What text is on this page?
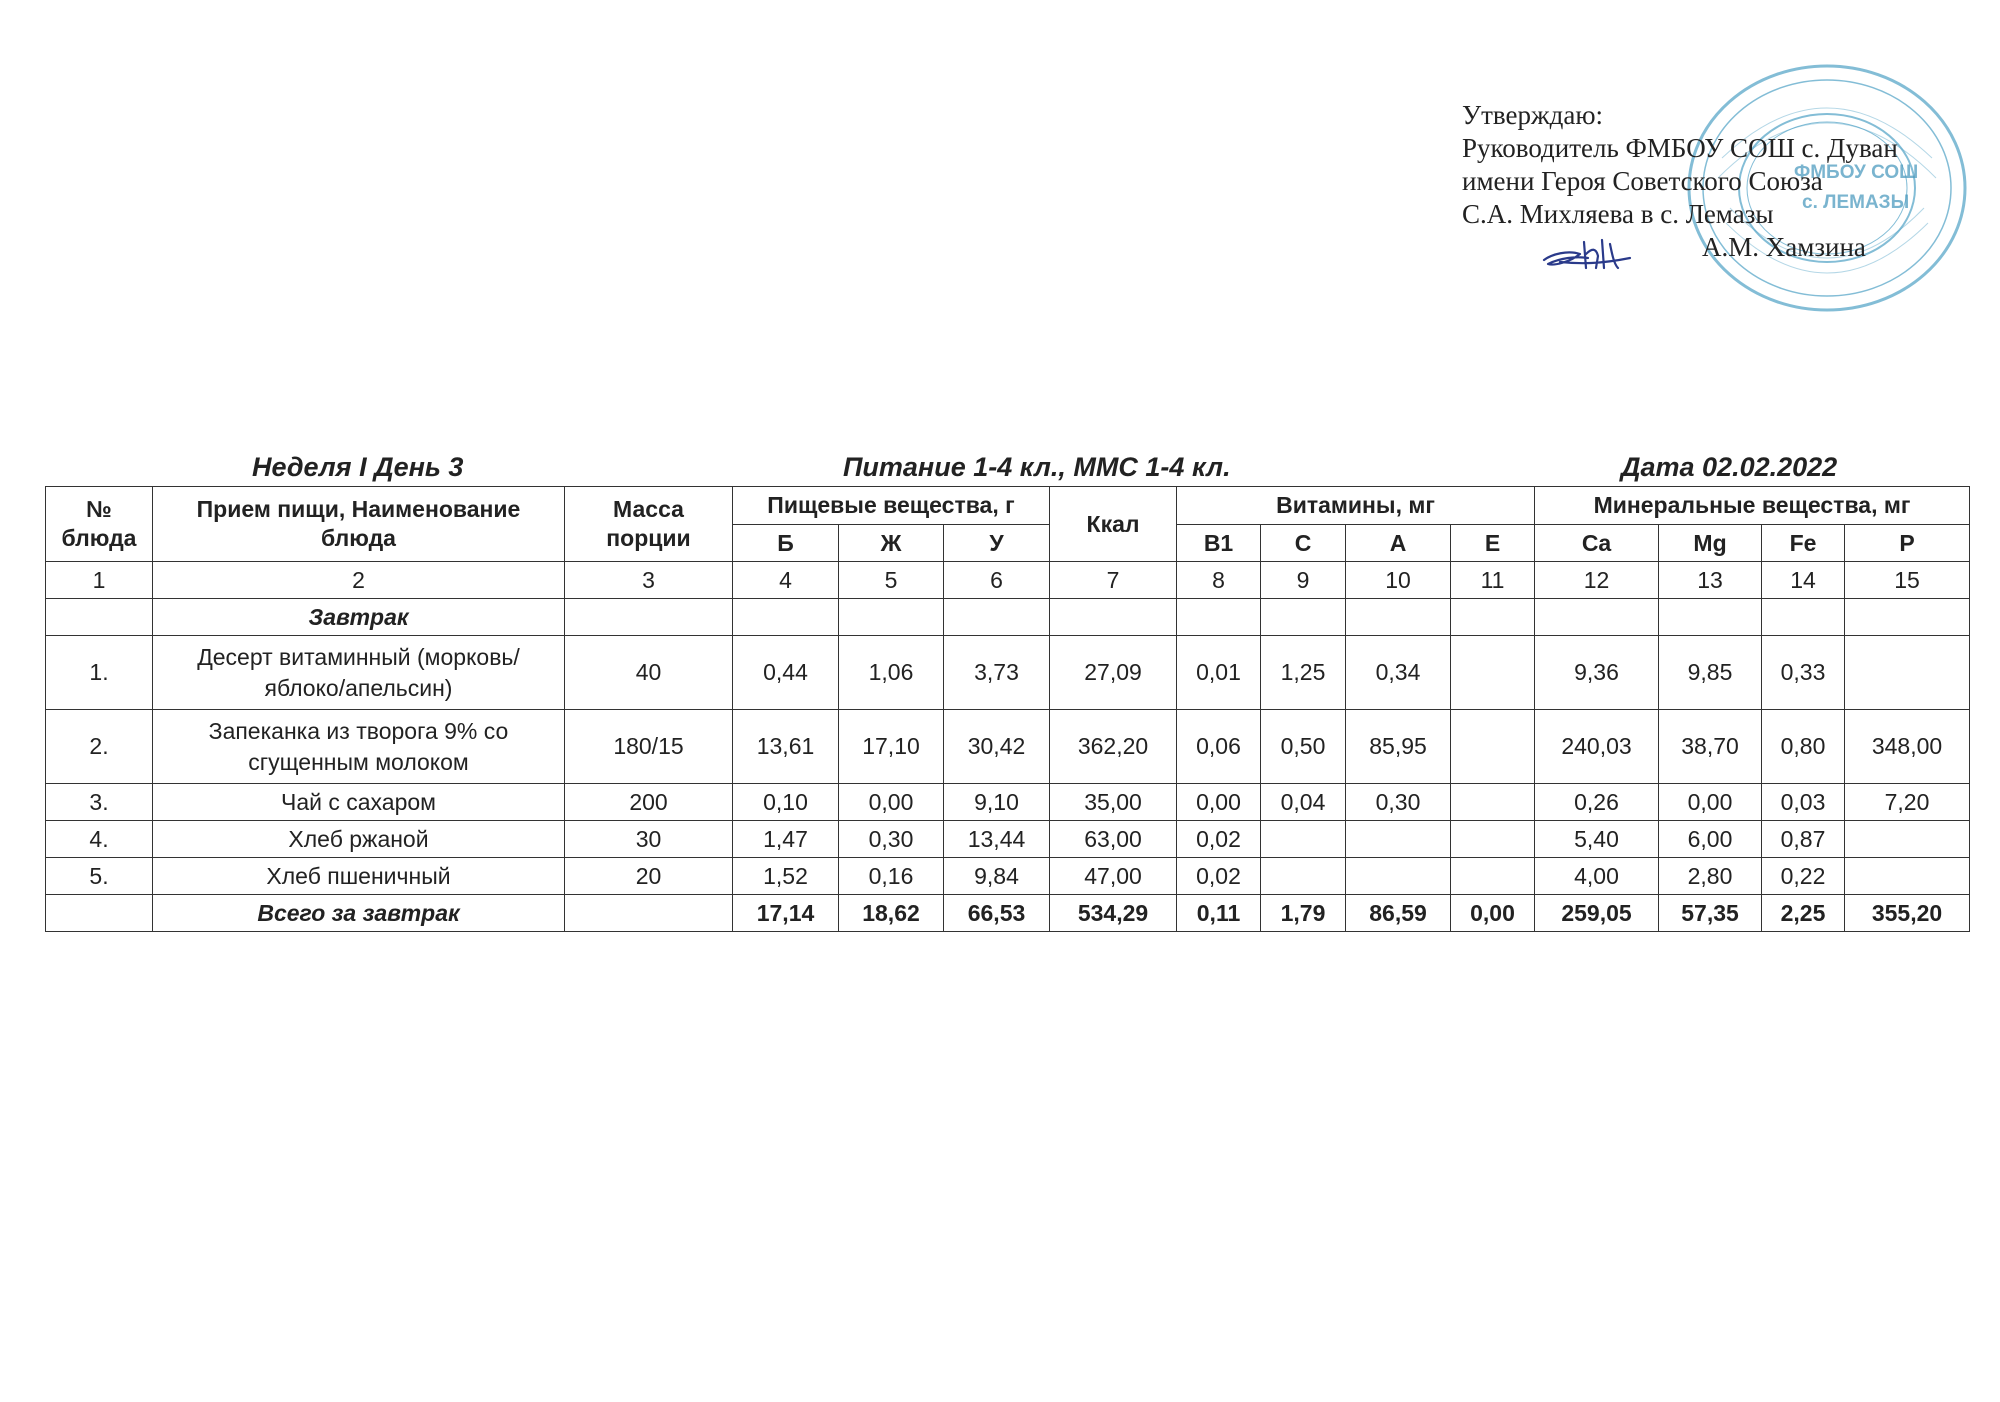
ФМБОУ СОШ
с. ЛЕМАЗЫ
Утверждаю:
Руководитель ФМБОУ СОШ с. Дуван
имени Героя Советского Союза
С.А. Михляева в с. Лемазы
А.М. Хамзина
Неделя I День 3	Питание 1-4 кл., ММС 1-4 кл.	Дата 02.02.2022
№ блюда	Прием пищи, Наименование блюда	Масса порции	Пищевые вещества, г			Ккал	Витамины, мг				Минеральные вещества, мг			
			Б	Ж	У		B1	C	A	E	Ca	Mg	Fe	P
1	2	3	4	5	6	7	8	9	10	11	12	13	14	15
	Завтрак													
1.	Десерт витаминный (морковь/яблоко/апельсин)	40	0,44	1,06	3,73	27,09	0,01	1,25	0,34		9,36	9,85	0,33	
2.	Запеканка из творога 9% со сгущенным молоком	180/15	13,61	17,10	30,42	362,20	0,06	0,50	85,95		240,03	38,70	0,80	348,00
3.	Чай с сахаром	200	0,10	0,00	9,10	35,00	0,00	0,04	0,30		0,26	0,00	0,03	7,20
4.	Хлеб ржаной	30	1,47	0,30	13,44	63,00	0,02				5,40	6,00	0,87	
5.	Хлеб пшеничный	20	1,52	0,16	9,84	47,00	0,02				4,00	2,80	0,22	
	Всего за завтрак		17,14	18,62	66,53	534,29	0,11	1,79	86,59	0,00	259,05	57,35	2,25	355,20
